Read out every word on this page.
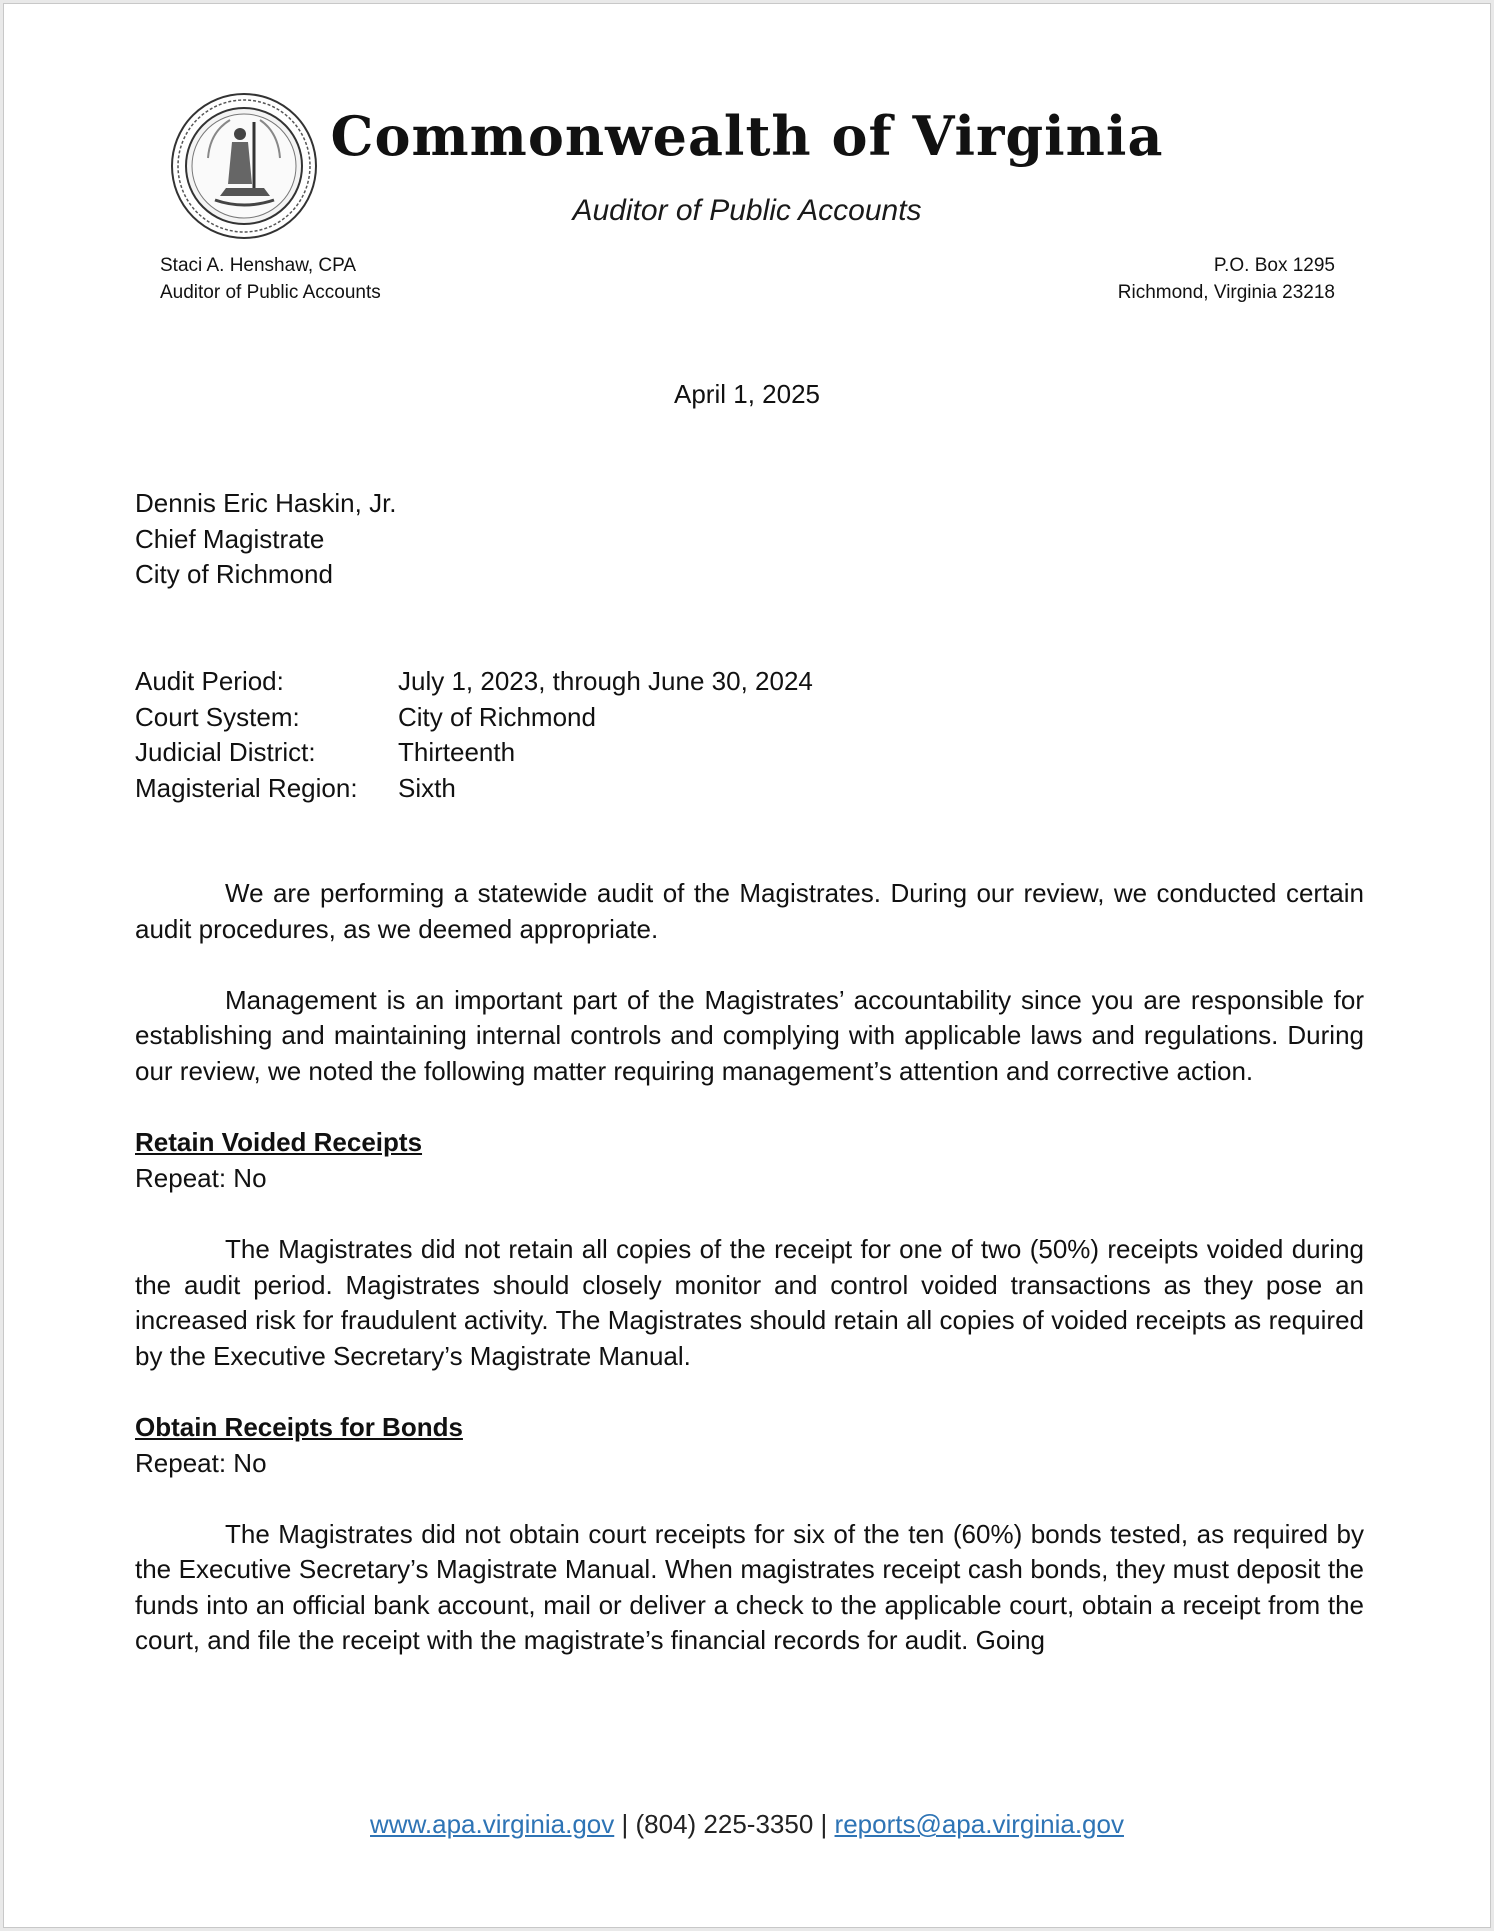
Commonwealth of Virginia
Auditor of Public Accounts
Staci A. Henshaw, CPA
Auditor of Public Accounts
P.O. Box 1295
Richmond, Virginia 23218
April 1, 2025
Dennis Eric Haskin, Jr.
Chief Magistrate
City of Richmond
Audit Period:	July 1, 2023, through June 30, 2024
Court System:	City of Richmond
Judicial District:	Thirteenth
Magisterial Region:	Sixth

We are performing a statewide audit of the Magistrates. During our review, we conducted certain audit procedures, as we deemed appropriate.

Management is an important part of the Magistrates’ accountability since you are responsible for establishing and maintaining internal controls and complying with applicable laws and regulations. During our review, we noted the following matter requiring management’s attention and corrective action.

Retain Voided Receipts
Repeat: No

The Magistrates did not retain all copies of the receipt for one of two (50%) receipts voided during the audit period. Magistrates should closely monitor and control voided transactions as they pose an increased risk for fraudulent activity. The Magistrates should retain all copies of voided receipts as required by the Executive Secretary’s Magistrate Manual.

Obtain Receipts for Bonds
Repeat: No

The Magistrates did not obtain court receipts for six of the ten (60%) bonds tested, as required by the Executive Secretary’s Magistrate Manual. When magistrates receipt cash bonds, they must deposit the funds into an official bank account, mail or deliver a check to the applicable court, obtain a receipt from the court, and file the receipt with the magistrate’s financial records for audit. Going

www.apa.virginia.gov | (804) 225-3350 | reports@apa.virginia.gov
